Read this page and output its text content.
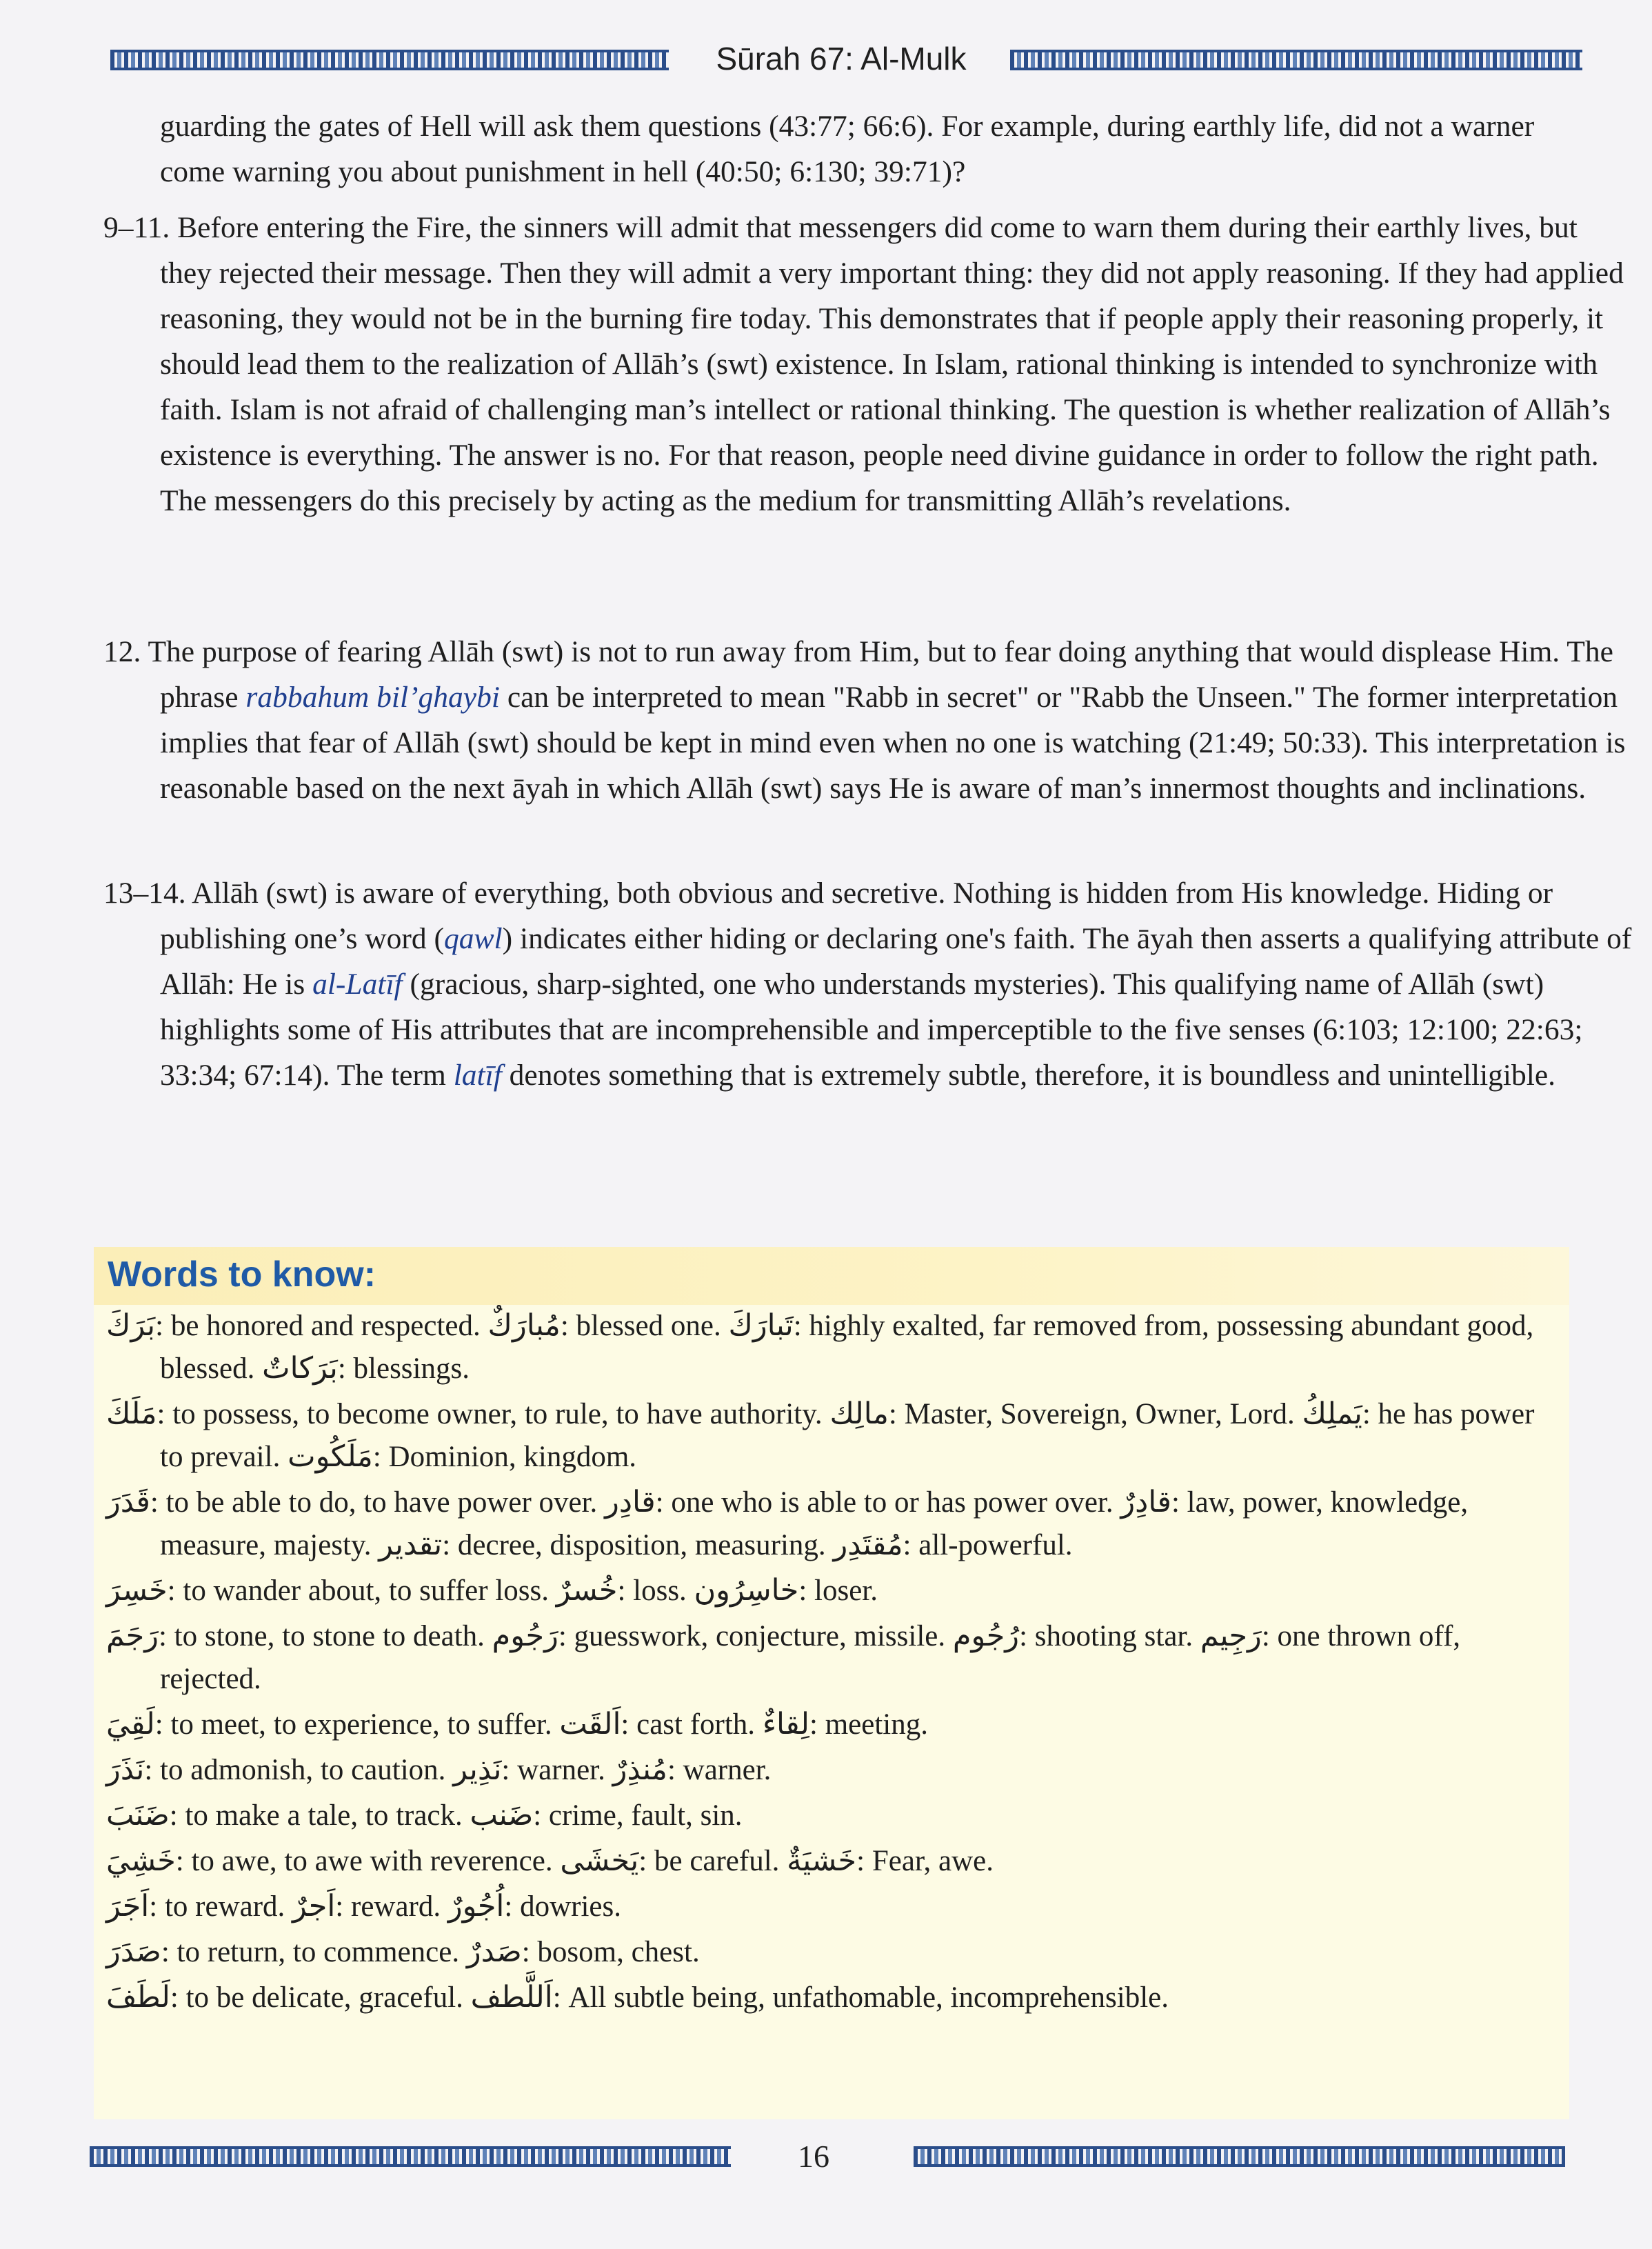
Sūrah 67: Al-Mulk
guarding the gates of Hell will ask them questions (43:77; 66:6). For example, during earthly life, did not a warner come warning you about punishment in hell (40:50; 6:130; 39:71)?
9–11. Before entering the Fire, the sinners will admit that messengers did come to warn them during their earthly lives, but they rejected their message. Then they will admit a very important thing: they did not apply reasoning. If they had applied reasoning, they would not be in the burning fire today. This demonstrates that if people apply their reasoning properly, it should lead them to the realization of Allāh’s (swt) existence. In Islam, rational thinking is intended to synchronize with faith. Islam is not afraid of challenging man’s intellect or rational thinking. The question is whether realization of Allāh’s existence is everything. The answer is no. For that reason, people need divine guidance in order to follow the right path. The messengers do this precisely by acting as the medium for transmitting Allāh’s revelations.
12. The purpose of fearing Allāh (swt) is not to run away from Him, but to fear doing anything that would displease Him. The phrase rabbahum bil’ghaybi can be interpreted to mean "Rabb in secret" or "Rabb the Unseen." The former interpretation implies that fear of Allāh (swt) should be kept in mind even when no one is watching (21:49; 50:33). This interpretation is reasonable based on the next āyah in which Allāh (swt) says He is aware of man’s innermost thoughts and inclinations.
13–14. Allāh (swt) is aware of everything, both obvious and secretive. Nothing is hidden from His knowledge. Hiding or publishing one’s word (qawl) indicates either hiding or declaring one's faith. The āyah then asserts a qualifying attribute of Allāh: He is al-Latīf (gracious, sharp-sighted, one who understands mysteries). This qualifying name of Allāh (swt) highlights some of His attributes that are incomprehensible and imperceptible to the five senses (6:103; 12:100; 22:63; 33:34; 67:14). The term latīf denotes something that is extremely subtle, therefore, it is boundless and unintelligible.
Words to know:
بَرَكَ: be honored and respected. مُبارَكٌ: blessed one. تَبارَكَ: highly exalted, far removed from, possessing abundant good, blessed. بَرَكاتٌ: blessings.
مَلَكَ: to possess, to become owner, to rule, to have authority. مالِك: Master, Sovereign, Owner, Lord. يَملِكُ: he has power to prevail. مَلَكُوت: Dominion, kingdom.
قَدَرَ: to be able to do, to have power over. قادِر: one who is able to or has power over. قادِرٌ: law, power, knowledge, measure, majesty. تقدير: decree, disposition, measuring. مُقتَدِر: all-powerful.
خَسِرَ: to wander about, to suffer loss. خُسرٌ: loss. خاسِرُون: loser.
رَجَمَ: to stone, to stone to death. رَجُوم: guesswork, conjecture, missile. رُجُوم: shooting star. رَجِيم: one thrown off, rejected.
لَقِيَ: to meet, to experience, to suffer. اَلقَت: cast forth. لِقاءٌ: meeting.
نَذَرَ: to admonish, to caution. نَذِير: warner. مُنذِرٌ: warner.
ضَنَبَ: to make a tale, to track. ضَنب: crime, fault, sin.
خَشِيَ: to awe, to awe with reverence. يَخشَى: be careful. خَشيَةٌ: Fear, awe.
اَجَرَ: to reward. اَجرٌ: reward. اُجُورٌ: dowries.
صَدَرَ: to return, to commence. صَدرٌ: bosom, chest.
لَطَفَ: to be delicate, graceful. اَللَّطف: All subtle being, unfathomable, incomprehensible.
16
